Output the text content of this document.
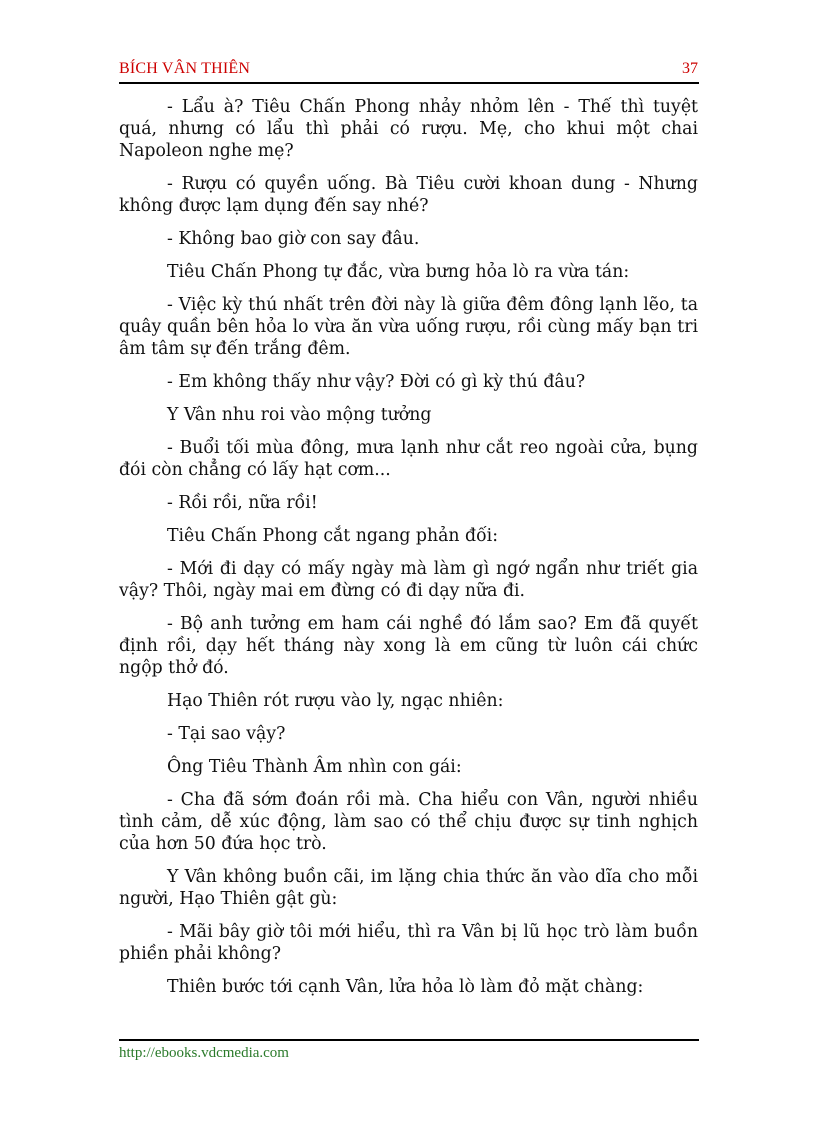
BÍCH VÂN THIÊN	37

- Lẩu à? Tiêu Chấn Phong nhảy nhỏm lên - Thế thì tuyệt quá, nhưng có lẩu thì phải có rượu. Mẹ, cho khui một chai Napoleon nghe mẹ?

- Rượu có quyền uống. Bà Tiêu cười khoan dung - Nhưng không được lạm dụng đến say nhé?

- Không bao giờ con say đâu.

Tiêu Chấn Phong tự đắc, vừa bưng hỏa lò ra vừa tán:

- Việc kỳ thú nhất trên đời này là giữa đêm đông lạnh lẽo, ta quây quần bên hỏa lo vừa ăn vừa uống rượu, rồi cùng mấy bạn tri âm tâm sự đến trắng đêm.

- Em không thấy như vậy? Đời có gì kỳ thú đâu?

Y Vân nhu roi vào mộng tưởng

- Buổi tối mùa đông, mưa lạnh như cắt reo ngoài cửa, bụng đói còn chẳng có lấy hạt cơm...

- Rồi rồi, nữa rồi!

Tiêu Chấn Phong cắt ngang phản đối:

- Mới đi dạy có mấy ngày mà làm gì ngớ ngẩn như triết gia vậy? Thôi, ngày mai em đừng có đi dạy nữa đi.

- Bộ anh tưởng em ham cái nghề đó lắm sao? Em đã quyết định rồi, dạy hết tháng này xong là em cũng từ luôn cái chức ngộp thở đó.

Hạo Thiên rót rượu vào ly, ngạc nhiên:

- Tại sao vậy?

Ông Tiêu Thành Âm nhìn con gái:

- Cha đã sớm đoán rồi mà. Cha hiểu con Vân, người nhiều tình cảm, dễ xúc động, làm sao có thể chịu được sự tinh nghịch của hơn 50 đứa học trò.

Y Vân không buồn cãi, im lặng chia thức ăn vào dĩa cho mỗi người, Hạo Thiên gật gù:

- Mãi bây giờ tôi mới hiểu, thì ra Vân bị lũ học trò làm buồn phiền phải không?

Thiên bước tới cạnh Vân, lửa hỏa lò làm đỏ mặt chàng:

http://ebooks.vdcmedia.com
